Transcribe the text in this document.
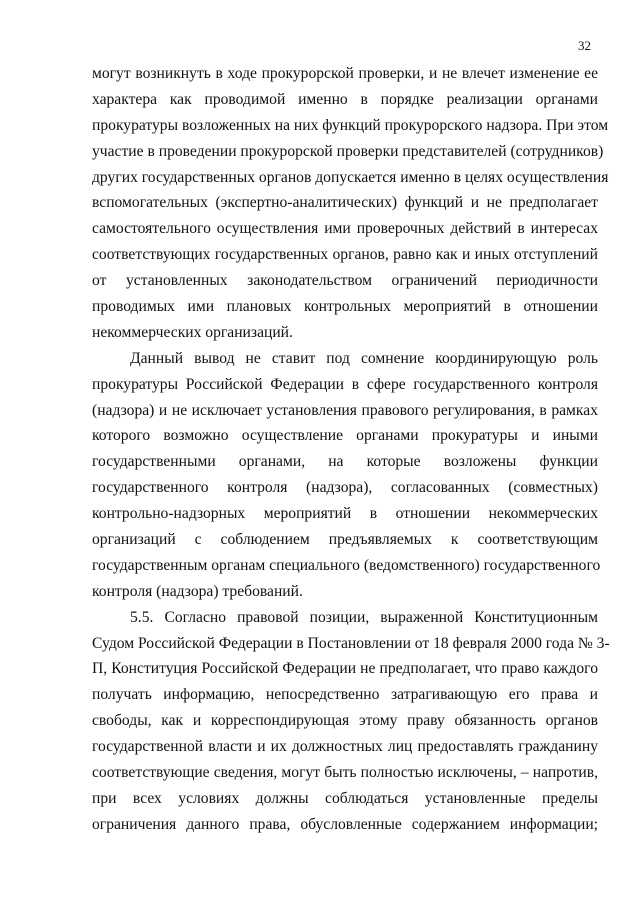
32
могут возникнуть в ходе прокурорской проверки, и не влечет изменение ее
характера как проводимой именно в порядке реализации органами
прокуратуры возложенных на них функций прокурорского надзора. При этом
участие в проведении прокурорской проверки представителей (сотрудников)
других государственных органов допускается именно в целях осуществления
вспомогательных (экспертно-аналитических) функций и не предполагает
самостоятельного осуществления ими проверочных действий в интересах
соответствующих государственных органов, равно как и иных отступлений
от установленных законодательством ограничений периодичности
проводимых ими плановых контрольных мероприятий в отношении
некоммерческих организаций.
Данный вывод не ставит под сомнение координирующую роль
прокуратуры Российской Федерации в сфере государственного контроля
(надзора) и не исключает установления правового регулирования, в рамках
которого возможно осуществление органами прокуратуры и иными
государственными органами, на которые возложены функции
государственного контроля (надзора), согласованных (совместных)
контрольно-надзорных мероприятий в отношении некоммерческих
организаций с соблюдением предъявляемых к соответствующим
государственным органам специального (ведомственного) государственного
контроля (надзора) требований.
5.5. Согласно правовой позиции, выраженной Конституционным
Судом Российской Федерации в Постановлении от 18 февраля 2000 года № 3-
П, Конституция Российской Федерации не предполагает, что право каждого
получать информацию, непосредственно затрагивающую его права и
свободы, как и корреспондирующая этому праву обязанность органов
государственной власти и их должностных лиц предоставлять гражданину
соответствующие сведения, могут быть полностью исключены, – напротив,
при всех условиях должны соблюдаться установленные пределы
ограничения данного права, обусловленные содержанием информации;
